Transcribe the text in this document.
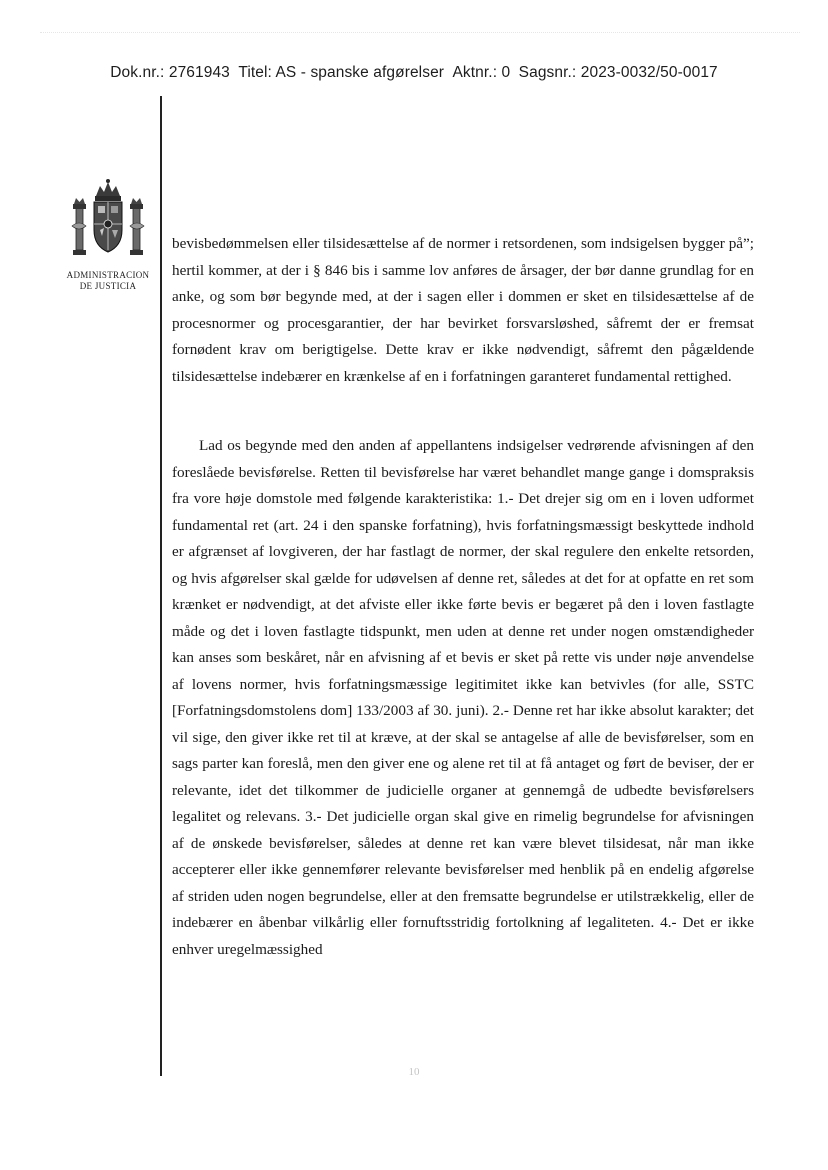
Dok.nr.: 2761943 Titel: AS - spanske afgørelser Aktnr.: 0 Sagsnr.: 2023-0032/50-0017
ADMINISTRACION
DE JUSTICIA

bevisbedømmelsen eller tilsidesættelse af de normer i retsordenen, som indsigelsen bygger på”; hertil kommer, at der i § 846 bis i samme lov anføres de årsager, der bør danne grundlag for en anke, og som bør begynde med, at der i sagen eller i dommen er sket en tilsidesættelse af de procesnormer og procesgarantier, der har bevirket forsvarsløshed, såfremt der er fremsat fornødent krav om berigtigelse. Dette krav er ikke nødvendigt, såfremt den pågældende tilsidesættelse indebærer en krænkelse af en i forfatningen garanteret fundamental rettighed.

Lad os begynde med den anden af appellantens indsigelser vedrørende afvisningen af den foreslåede bevisførelse. Retten til bevisførelse har været behandlet mange gange i domspraksis fra vore høje domstole med følgende karakteristika: 1.- Det drejer sig om en i loven udformet fundamental ret (art. 24 i den spanske forfatning), hvis forfatningsmæssigt beskyttede indhold er afgrænset af lovgiveren, der har fastlagt de normer, der skal regulere den enkelte retsorden, og hvis afgørelser skal gælde for udøvelsen af denne ret, således at det for at opfatte en ret som krænket er nødvendigt, at det afviste eller ikke førte bevis er begæret på den i loven fastlagte måde og det i loven fastlagte tidspunkt, men uden at denne ret under nogen omstændigheder kan anses som beskåret, når en afvisning af et bevis er sket på rette vis under nøje anvendelse af lovens normer, hvis forfatningsmæssige legitimitet ikke kan betvivles (for alle, SSTC [Forfatningsdomstolens dom] 133/2003 af 30. juni). 2.- Denne ret har ikke absolut karakter; det vil sige, den giver ikke ret til at kræve, at der skal se antagelse af alle de bevisførelser, som en sags parter kan foreslå, men den giver ene og alene ret til at få antaget og ført de beviser, der er relevante, idet det tilkommer de judicielle organer at gennemgå de udbedte bevisførelsers legalitet og relevans. 3.- Det judicielle organ skal give en rimelig begrundelse for afvisningen af de ønskede bevisførelser, således at denne ret kan være blevet tilsidesat, når man ikke accepterer eller ikke gennemfører relevante bevisførelser med henblik på en endelig afgørelse af striden uden nogen begrundelse, eller at den fremsatte begrundelse er utilstrækkelig, eller de indebærer en åbenbar vilkårlig eller fornuftsstridig fortolkning af legaliteten. 4.- Det er ikke enhver uregelmæssighed

10
